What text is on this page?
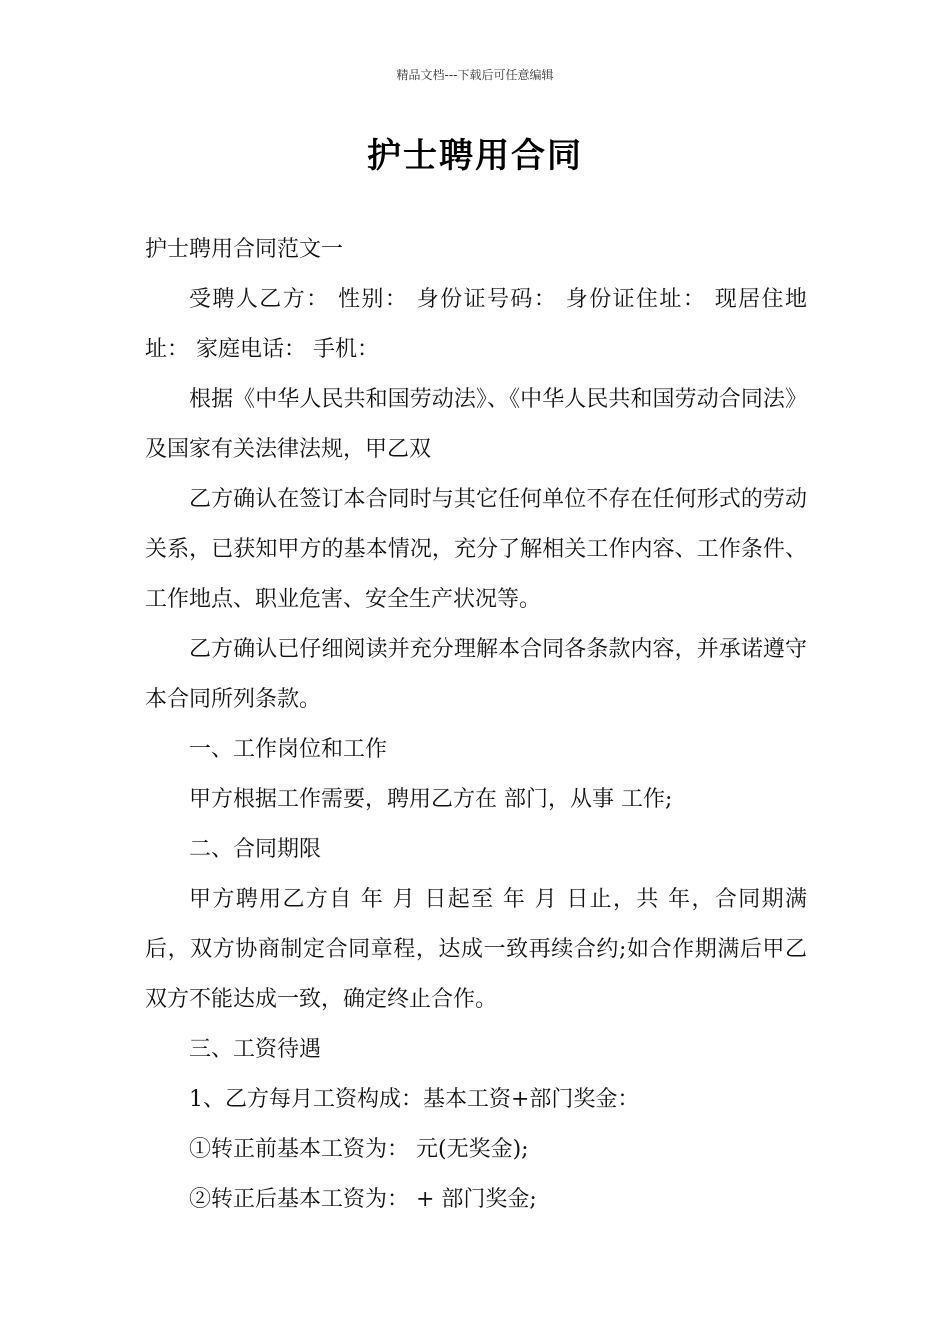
精品文档---下载后可任意编辑
护士聘用合同

护士聘用合同范文一

受聘人乙方： 性别： 身份证号码： 身份证住址： 现居住地址： 家庭电话： 手机：

根据《中华人民共和国劳动法》、《中华人民共和国劳动合同法》及国家有关法律法规，甲乙双

乙方确认在签订本合同时与其它任何单位不存在任何形式的劳动关系，已获知甲方的基本情况，充分了解相关工作内容、工作条件、工作地点、职业危害、安全生产状况等。

乙方确认已仔细阅读并充分理解本合同各条款内容，并承诺遵守本合同所列条款。

一、工作岗位和工作

甲方根据工作需要，聘用乙方在 部门，从事 工作;

二、合同期限

甲方聘用乙方自 年 月 日起至 年 月 日止，共 年，合同期满后，双方协商制定合同章程，达成一致再续合约;如合作期满后甲乙双方不能达成一致，确定终止合作。

三、工资待遇

1、乙方每月工资构成：基本工资+部门奖金：

①转正前基本工资为： 元(无奖金);

②转正后基本工资为： + 部门奖金;
